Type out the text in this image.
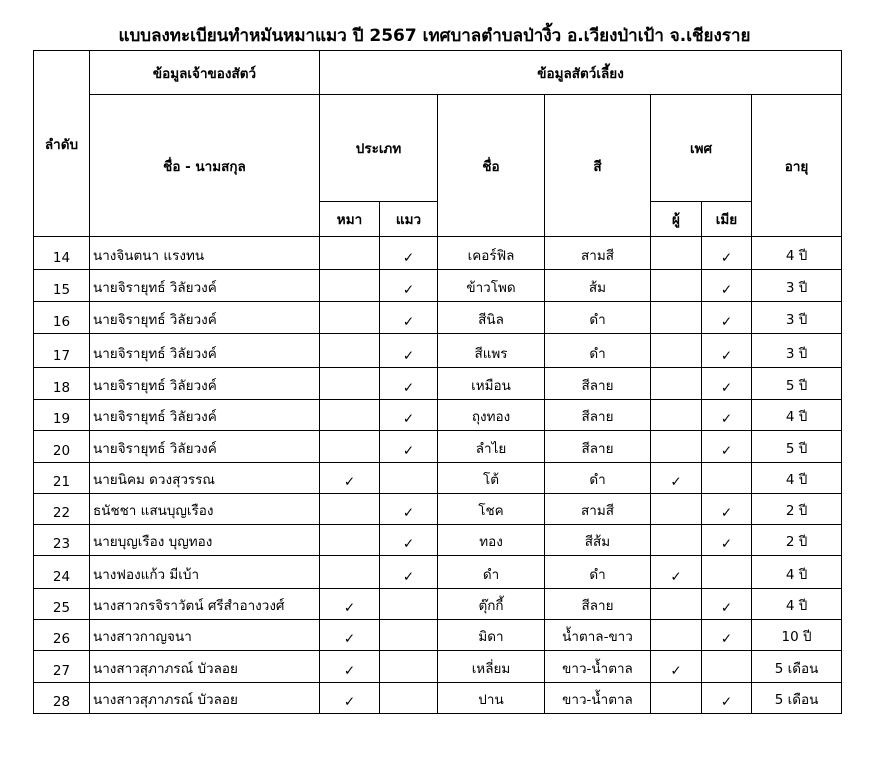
แบบลงทะเบียนทำหมันหมาแมว ปี 2567 เทศบาลตำบลป่างิ้ว อ.เวียงป่าเป้า จ.เชียงราย
ลำดับ	ข้อมูลเจ้าของสัตว์	ข้อมูลสัตว์เลี้ยง						
	ชื่อ - นามสกุล	ประเภท		ชื่อ	สี	เพศ		อายุ
		หมา	แมว			ผู้	เมีย	
14	นางจินตนา แรงทน		✓	เคอร์ฟิล	สามสี		✓	4 ปี
15	นายจิรายุทธ์ วิลัยวงค์		✓	ข้าวโพด	ส้ม		✓	3 ปี
16	นายจิรายุทธ์ วิลัยวงค์		✓	สีนิล	ดำ		✓	3 ปี
17	นายจิรายุทธ์ วิลัยวงค์		✓	สีแพร	ดำ		✓	3 ปี
18	นายจิรายุทธ์ วิลัยวงค์		✓	เหมือน	สีลาย		✓	5 ปี
19	นายจิรายุทธ์ วิลัยวงค์		✓	ถุงทอง	สีลาย		✓	4 ปี
20	นายจิรายุทธ์ วิลัยวงค์		✓	ลำไย	สีลาย		✓	5 ปี
21	นายนิคม ดวงสุวรรณ	✓		โต้	ดำ	✓		4 ปี
22	ธนัชชา แสนบุญเรือง		✓	โชค	สามสี		✓	2 ปี
23	นายบุญเรือง บุญทอง		✓	ทอง	สีส้ม		✓	2 ปี
24	นางฟองแก้ว มีเบ้า		✓	ดำ	ดำ	✓		4 ปี
25	นางสาวกรจิราวัตน์ ศรีสำอางวงศ์	✓		ตุ๊กกี้	สีลาย		✓	4 ปี
26	นางสาวกาญจนา	✓		มิดา	น้ำตาล-ขาว		✓	10 ปี
27	นางสาวสุภาภรณ์ บัวลอย	✓		เหลี่ยม	ขาว-น้ำตาล	✓		5 เดือน
28	นางสาวสุภาภรณ์ บัวลอย	✓		ปาน	ขาว-น้ำตาล		✓	5 เดือน
